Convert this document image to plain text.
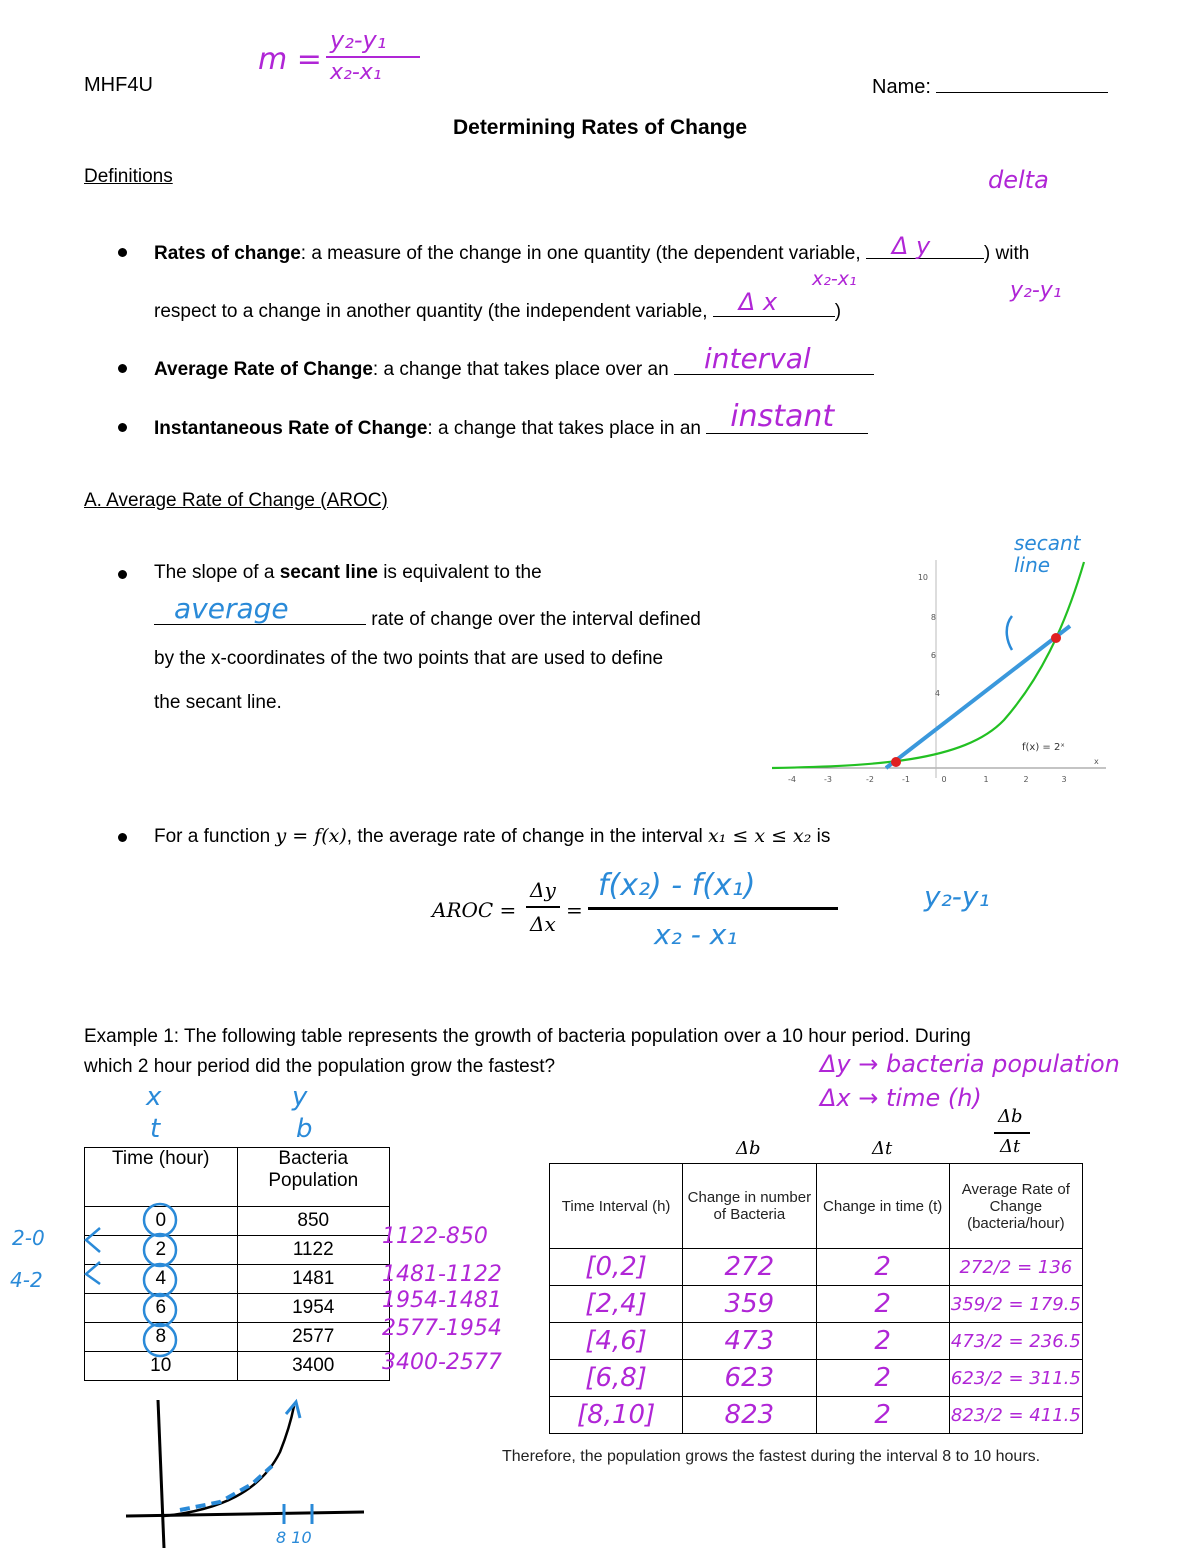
MHF4U	Name:
m =
y₂-y₁
x₂-x₁
Determining Rates of Change
Definitions	delta
Rates of change: a measure of the change in one quantity (the dependent variable, Δ y	) with
x₂-x₁	y₂-y₁
respect to a change in another quantity (the independent variable, Δ x	)
Average Rate of Change: a change that takes place over an interval
Instantaneous Rate of Change: a change that takes place in an instant
A. Average Rate of Change (AROC)
The slope of a secant line is equivalent to the
average	rate of change over the interval defined
by the x-coordinates of the two points that are used to define
the secant line.
10
8
6
4
-4	-3	-2	-1	0	1	2	3
x
f(x) = 2ˣ
secant line
For a function y = f(x), the average rate of change in the interval x₁ ≤ x ≤ x₂ is
AROC =
Δy
Δx
=
f(x₂) - f(x₁)
x₂ - x₁
y₂-y₁
Example 1: The following table represents the growth of bacteria population over a 10 hour period. During
which 2 hour period did the population grow the fastest?	Δy → bacteria population
Δx → time (h)
x
t
y
b
2-0
4-2
Time (hour)	Bacteria Population
0	850
2	1122
4	1481
6	1954
8	2577
10	3400
1122-850
1481-1122
1954-1481
2577-1954
3400-2577
Δb	Δt
Δb
Δt
Time Interval (h)	Change in number of Bacteria	Change in time (t)	Average Rate of Change (bacteria/hour)
[0,2]	272	2	272/2 = 136
[2,4]	359	2	359/2 = 179.5
[4,6]	473	2	473/2 = 236.5
[6,8]	623	2	623/2 = 311.5
[8,10]	823	2	823/2 = 411.5
Therefore, the population grows the fastest during the interval 8 to 10 hours.
8 10
